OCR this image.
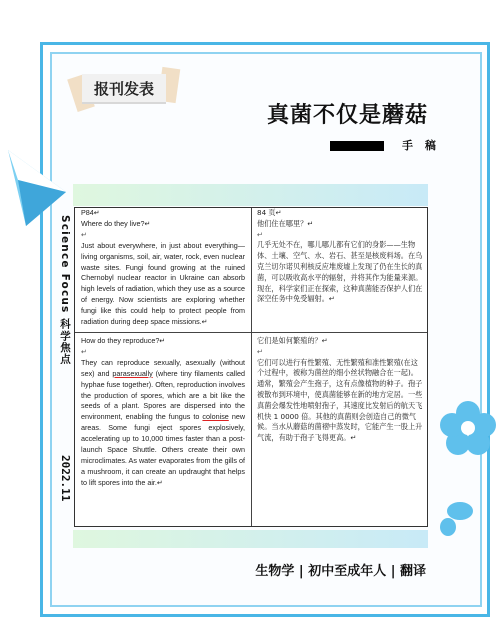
报刊发表
真菌不仅是蘑菇
手 稿
Science Focus 科学焦点
2022.11

P84↵

Where do they live?↵

↵

Just about everywhere, in just about everything—living organisms, soil, air, water, rock, even nuclear waste sites. Fungi found growing at the ruined Chernobyl nuclear reactor in Ukraine can absorb high levels of radiation, which they use as a source of energy. Now scientists are exploring whether fungi like this could help to protect people from radiation during deep space missions.↵

84 页↵

他们住在哪里？↵

↵

几乎无处不在，哪儿哪儿都有它们的身影——生物体、土壤、空气、水、岩石、甚至是核废料场。在乌克兰切尔诺贝利核反应堆废墟上发现了仍在生长的真菌，可以吸收高水平的辐射，并将其作为能量来源。现在，科学家们正在探索，这种真菌能否保护人们在深空任务中免受辐射。↵

How do they reproduce?↵

↵

They can reproduce sexually, asexually (without sex) and parasexually (where tiny filaments called hyphae fuse together). Often, reproduction involves the production of spores, which are a bit like the seeds of a plant. Spores are dispersed into the environment, enabling the fungus to colonise new areas. Some fungi eject spores explosively, accelerating up to 10,000 times faster than a post-launch Space Shuttle. Others create their own microclimates. As water evaporates from the gills of a mushroom, it can create an updraught that helps to lift spores into the air.↵

它们是如何繁殖的？↵

↵

它们可以进行有性繁殖、无性繁殖和准性繁殖(在这个过程中，被称为菌丝的细小丝状物融合在一起)。通常，繁殖会产生孢子，这有点像植物的种子。孢子被散布到环境中，使真菌能够在新的地方定居。一些真菌会爆发性地喷射孢子，其速度比发射后的航天飞机快 1 0000 倍。其他的真菌则会创造自己的微气候。当水从蘑菇的菌褶中蒸发时，它能产生一股上升气流，有助于孢子飞得更高。↵

生物学 | 初中至成年人 | 翻译
